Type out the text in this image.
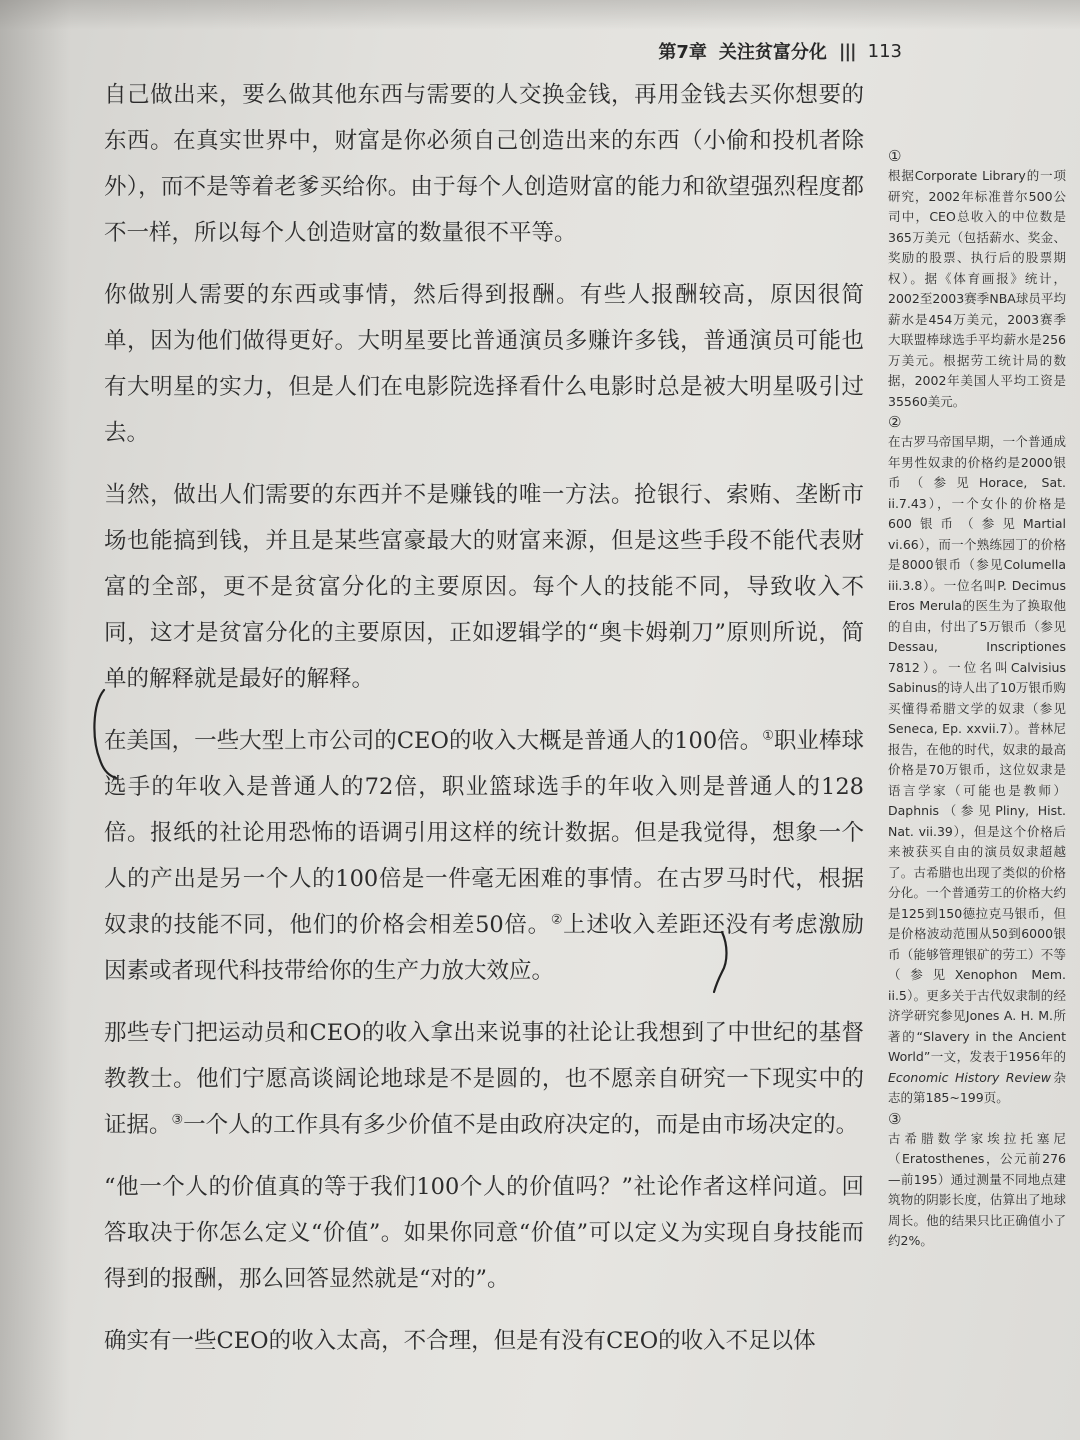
第7章 关注贫富分化 ||| 113

自己做出来，要么做其他东西与需要的人交换金钱，再用金钱去买你想要的东西。在真实世界中，财富是你必须自己创造出来的东西（小偷和投机者除外），而不是等着老爹买给你。由于每个人创造财富的能力和欲望强烈程度都不一样，所以每个人创造财富的数量很不平等。

你做别人需要的东西或事情，然后得到报酬。有些人报酬较高，原因很简单，因为他们做得更好。大明星要比普通演员多赚许多钱，普通演员可能也有大明星的实力，但是人们在电影院选择看什么电影时总是被大明星吸引过去。

当然，做出人们需要的东西并不是赚钱的唯一方法。抢银行、索贿、垄断市场也能搞到钱，并且是某些富豪最大的财富来源，但是这些手段不能代表财富的全部，更不是贫富分化的主要原因。每个人的技能不同，导致收入不同，这才是贫富分化的主要原因，正如逻辑学的“奥卡姆剃刀”原则所说，简单的解释就是最好的解释。

在美国，一些大型上市公司的CEO的收入大概是普通人的100倍。①职业棒球选手的年收入是普通人的72倍，职业篮球选手的年收入则是普通人的128倍。报纸的社论用恐怖的语调引用这样的统计数据。但是我觉得，想象一个人的产出是另一个人的100倍是一件毫无困难的事情。在古罗马时代，根据奴隶的技能不同，他们的价格会相差50倍。②上述收入差距还没有考虑激励因素或者现代科技带给你的生产力放大效应。

那些专门把运动员和CEO的收入拿出来说事的社论让我想到了中世纪的基督教教士。他们宁愿高谈阔论地球是不是圆的，也不愿亲自研究一下现实中的证据。③一个人的工作具有多少价值不是由政府决定的，而是由市场决定的。

“他一个人的价值真的等于我们100个人的价值吗？”社论作者这样问道。回答取决于你怎么定义“价值”。如果你同意“价值”可以定义为实现自身技能而得到的报酬，那么回答显然就是“对的”。

确实有一些CEO的收入太高，不合理，但是有没有CEO的收入不足以体

①
根据Corporate Library的一项研究，2002年标准普尔500公司中，CEO总收入的中位数是365万美元（包括薪水、奖金、奖励的股票、执行后的股票期权）。据《体育画报》统计，2002至2003赛季NBA球员平均薪水是454万美元，2003赛季大联盟棒球选手平均薪水是256万美元。根据劳工统计局的数据，2002年美国人平均工资是35560美元。
②
在古罗马帝国早期，一个普通成年男性奴隶的价格约是2000银币（参见Horace, Sat. ii.7.43），一个女仆的价格是600银币（参见Martial vi.66），而一个熟练园丁的价格是8000银币（参见Columella iii.3.8）。一位名叫P. Decimus Eros Merula的医生为了换取他的自由，付出了5万银币（参见Dessau, Inscriptiones 7812）。一位名叫Calvisius Sabinus的诗人出了10万银币购买懂得希腊文学的奴隶（参见Seneca, Ep. xxvii.7）。普林尼报告，在他的时代，奴隶的最高价格是70万银币，这位奴隶是语言学家（可能也是教师）Daphnis（参见Pliny, Hist. Nat. vii.39），但是这个价格后来被获买自由的演员奴隶超越了。古希腊也出现了类似的价格分化。一个普通劳工的价格大约是125到150德拉克马银币，但是价格波动范围从50到6000银币（能够管理银矿的劳工）不等（参见Xenophon Mem. ii.5）。更多关于古代奴隶制的经济学研究参见Jones A. H. M.所著的“Slavery in the Ancient World”一文，发表于1956年的Economic History Review杂志的第185~199页。
③
古希腊数学家埃拉托塞尼（Eratosthenes，公元前276—前195）通过测量不同地点建筑物的阴影长度，估算出了地球周长。他的结果只比正确值小了约2%。
